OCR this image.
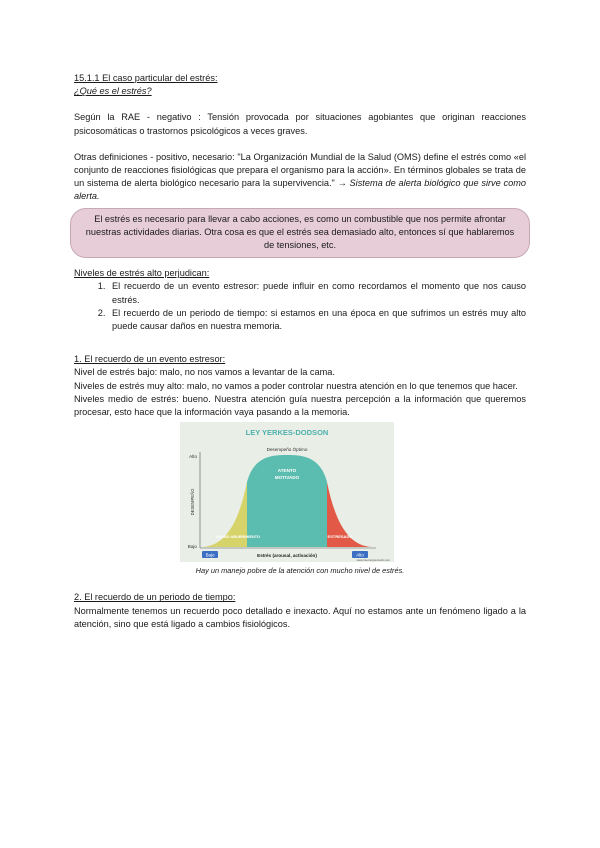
15.1.1 El caso particular del estrés:

¿Qué es el estrés?

Según la RAE - negativo : Tensión provocada por situaciones agobiantes que originan reacciones psicosomáticas o trastornos psicológicos a veces graves.

Otras definiciones - positivo, necesario: "La Organización Mundial de la Salud (OMS) define el estrés como «el conjunto de reacciones fisiológicas que prepara el organismo para la acción». En términos globales se trata de un sistema de alerta biológico necesario para la supervivencia." → Sistema de alerta biológico que sirve como alerta.

El estrés es necesario para llevar a cabo acciones, es como un combustible que nos permite afrontar nuestras actividades diarias. Otra cosa es que el estrés sea demasiado alto, entonces sí que hablaremos de tensiones, etc.

Niveles de estrés alto perjudican:

1. El recuerdo de un evento estresor: puede influir en como recordamos el momento que nos causo estrés.
2. El recuerdo de un periodo de tiempo: si estamos en una época en que sufrimos un estrés muy alto puede causar daños en nuestra memoria.

1. El recuerdo de un evento estresor:

Nivel de estrés bajo: malo, no nos vamos a levantar de la cama.

Niveles de estrés muy alto: malo, no vamos a poder controlar nuestra atención en lo que tenemos que hacer.

Niveles medio de estrés: bueno. Nuestra atención guía nuestra percepción a la información que queremos procesar, esto hace que la información vaya pasando a la memoria.

LEY YERKES-DODSON
Desempeño Óptimo
Alto
Bajo
DESEMPEÑO
ATENTO
MOTIVADO
SUEÑO ABURRIMIENTO	ESTRESADO
Bajo	Estrés (arousal, activación)	Alto
www.internetyourwork.com

Hay un manejo pobre de la atención con mucho nivel de estrés.

2. El recuerdo de un periodo de tiempo:

Normalmente tenemos un recuerdo poco detallado e inexacto. Aquí no estamos ante un fenómeno ligado a la atención, sino que está ligado a cambios fisiológicos.
